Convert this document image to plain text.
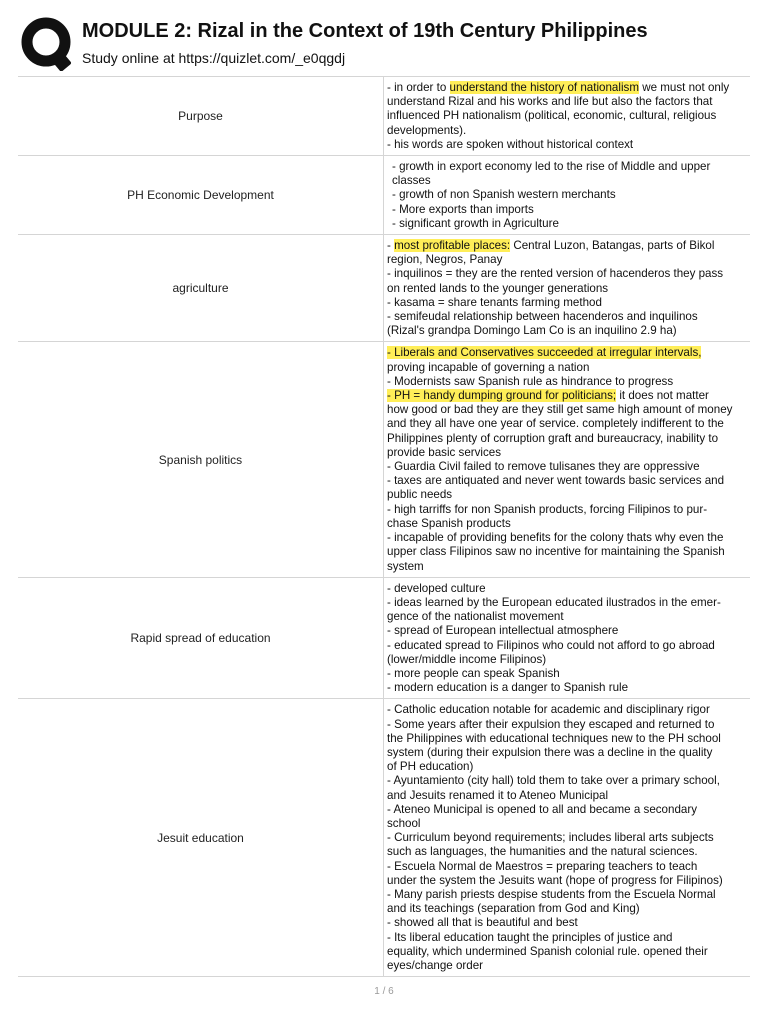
MODULE 2: Rizal in the Context of 19th Century Philippines
Study online at https://quizlet.com/_e0qgdj
Purpose
- in order to understand the history of nationalism we must not only
understand Rizal and his works and life but also the factors that
influenced PH nationalism (political, economic, cultural, religious
developments).
- his words are spoken without historical context
PH Economic Development
- growth in export economy led to the rise of Middle and upper
classes
- growth of non Spanish western merchants
- More exports than imports
- significant growth in Agriculture
agriculture
- most profitable places: Central Luzon, Batangas, parts of Bikol
region, Negros, Panay
- inquilinos = they are the rented version of hacenderos they pass
on rented lands to the younger generations
- kasama = share tenants farming method
- semifeudal relationship between hacenderos and inquilinos
(Rizal's grandpa Domingo Lam Co is an inquilino 2.9 ha)
Spanish politics
- Liberals and Conservatives succeeded at irregular intervals,
proving incapable of governing a nation
- Modernists saw Spanish rule as hindrance to progress
- PH = handy dumping ground for politicians; it does not matter
how good or bad they are they still get same high amount of money
and they all have one year of service. completely indifferent to the
Philippines plenty of corruption graft and bureaucracy, inability to
provide basic services
- Guardia Civil failed to remove tulisanes they are oppressive
- taxes are antiquated and never went towards basic services and
public needs
- high tarriffs for non Spanish products, forcing Filipinos to pur-
chase Spanish products
- incapable of providing benefits for the colony thats why even the
upper class Filipinos saw no incentive for maintaining the Spanish
system
Rapid spread of education
- developed culture
- ideas learned by the European educated ilustrados in the emer-
gence of the nationalist movement
- spread of European intellectual atmosphere
- educated spread to Filipinos who could not afford to go abroad
(lower/middle income Filipinos)
- more people can speak Spanish
- modern education is a danger to Spanish rule
Jesuit education
- Catholic education notable for academic and disciplinary rigor
- Some years after their expulsion they escaped and returned to
the Philippines with educational techniques new to the PH school
system (during their expulsion there was a decline in the quality
of PH education)
- Ayuntamiento (city hall) told them to take over a primary school,
and Jesuits renamed it to Ateneo Municipal
- Ateneo Municipal is opened to all and became a secondary
school
- Curriculum beyond requirements; includes liberal arts subjects
such as languages, the humanities and the natural sciences.
- Escuela Normal de Maestros = preparing teachers to teach
under the system the Jesuits want (hope of progress for Filipinos)
- Many parish priests despise students from the Escuela Normal
and its teachings (separation from God and King)
- showed all that is beautiful and best
- Its liberal education taught the principles of justice and
equality, which undermined Spanish colonial rule. opened their
eyes/change order
1 / 6
